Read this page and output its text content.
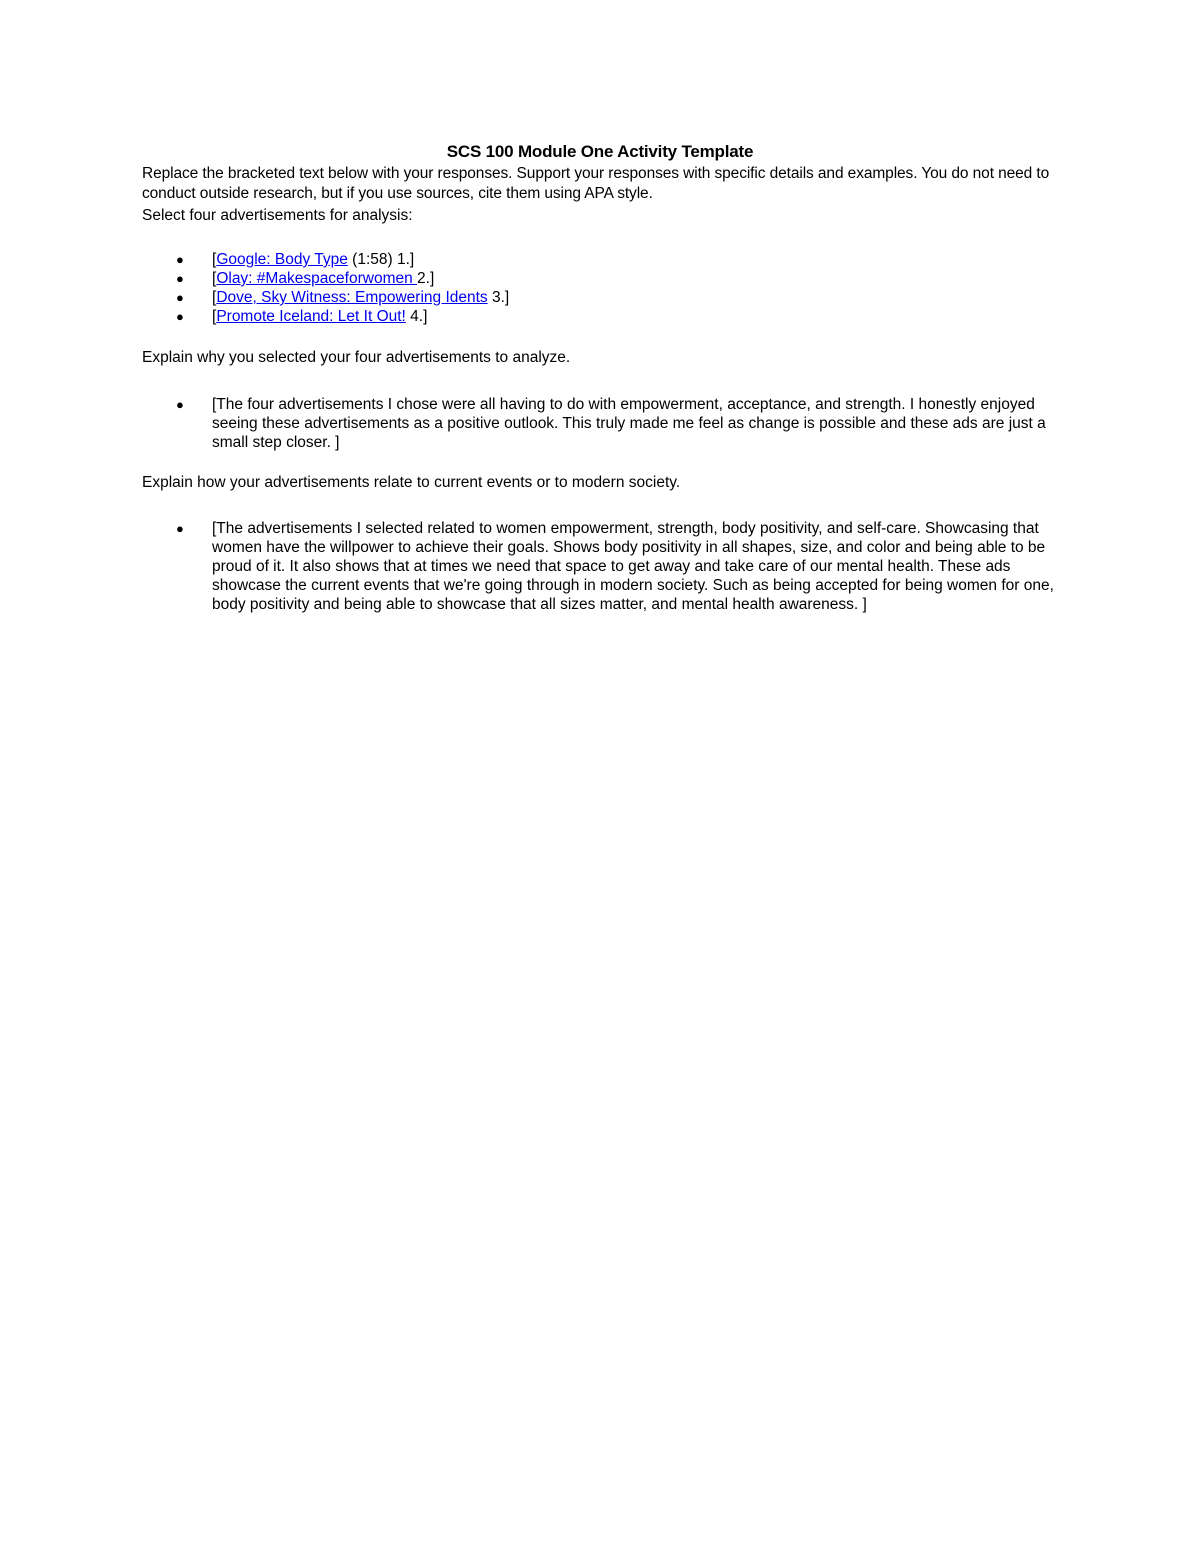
SCS 100 Module One Activity Template

Replace the bracketed text below with your responses. Support your responses with specific details and examples. You do not need to conduct outside research, but if you use sources, cite them using APA style.

Select four advertisements for analysis:

● [Google: Body Type (1:58) 1.]
● [Olay: #Makespaceforwomen 2.]
● [Dove, Sky Witness: Empowering Idents 3.]
● [Promote Iceland: Let It Out! 4.]

Explain why you selected your four advertisements to analyze.

● [The four advertisements I chose were all having to do with empowerment, acceptance, and strength. I honestly enjoyed seeing these advertisements as a positive outlook. This truly made me feel as change is possible and these ads are just a small step closer. ]

Explain how your advertisements relate to current events or to modern society.

● [The advertisements I selected related to women empowerment, strength, body positivity, and self-care. Showcasing that women have the willpower to achieve their goals. Shows body positivity in all shapes, size, and color and being able to be proud of it. It also shows that at times we need that space to get away and take care of our mental health. These ads showcase the current events that we're going through in modern society. Such as being accepted for being women for one, body positivity and being able to showcase that all sizes matter, and mental health awareness. ]
